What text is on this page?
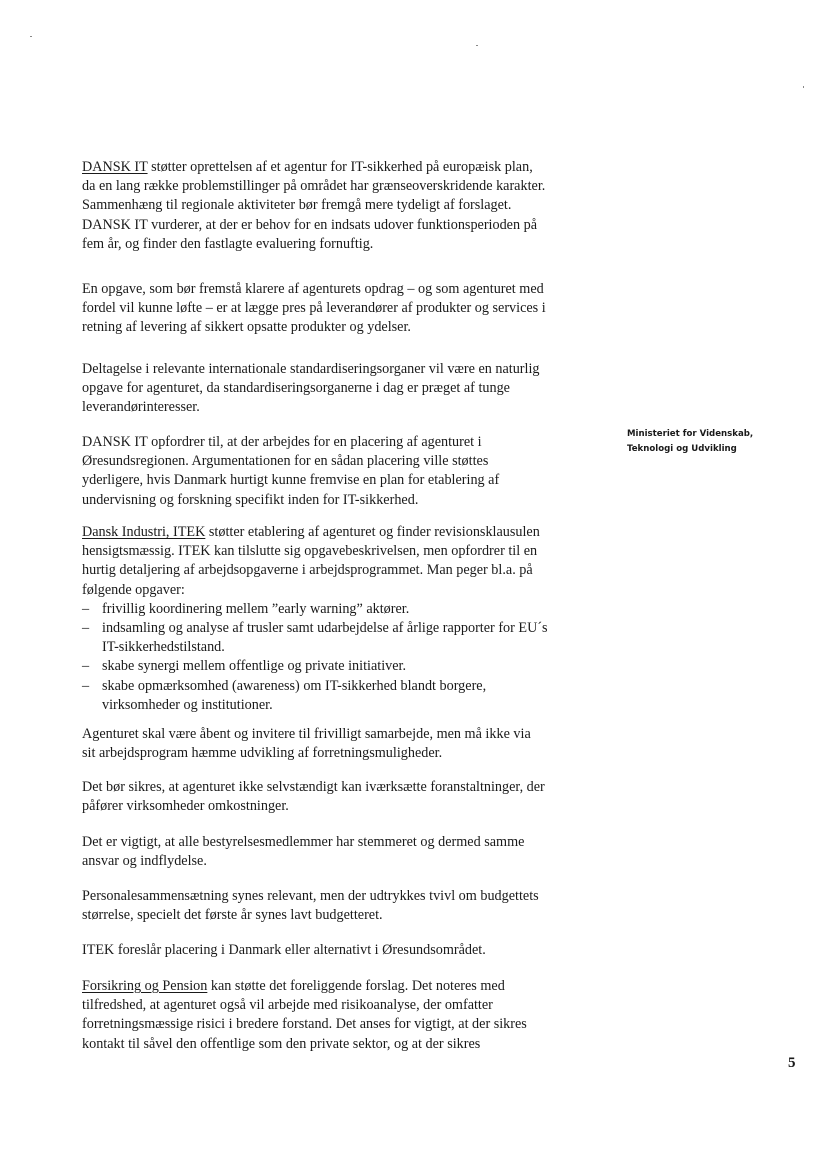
DANSK IT støtter oprettelsen af et agentur for IT-sikkerhed på europæisk plan,
da en lang række problemstillinger på området har grænseoverskridende karakter.
Sammenhæng til regionale aktiviteter bør fremgå mere tydeligt af forslaget.
DANSK IT vurderer, at der er behov for en indsats udover funktionsperioden på
fem år, og finder den fastlagte evaluering fornuftig.
En opgave, som bør fremstå klarere af agenturets opdrag – og som agenturet med
fordel vil kunne løfte – er at lægge pres på leverandører af produkter og services i
retning af levering af sikkert opsatte produkter og ydelser.
Deltagelse i relevante internationale standardiseringsorganer vil være en naturlig
opgave for agenturet, da standardiseringsorganerne i dag er præget af tunge
leverandørinteresser.
DANSK IT opfordrer til, at der arbejdes for en placering af agenturet i
Øresundsregionen. Argumentationen for en sådan placering ville støttes
yderligere, hvis Danmark hurtigt kunne fremvise en plan for etablering af
undervisning og forskning specifikt inden for IT-sikkerhed.
Dansk Industri, ITEK støtter etablering af agenturet og finder revisionsklausulen
hensigtsmæssig. ITEK kan tilslutte sig opgavebeskrivelsen, men opfordrer til en
hurtig detaljering af arbejdsopgaverne i arbejdsprogrammet. Man peger bl.a. på
følgende opgaver:
– frivillig koordinering mellem ”early warning” aktører.
– indsamling og analyse af trusler samt udarbejdelse af årlige rapporter for EU´s
IT-sikkerhedstilstand.
– skabe synergi mellem offentlige og private initiativer.
– skabe opmærksomhed (awareness) om IT-sikkerhed blandt borgere,
virksomheder og institutioner.
Agenturet skal være åbent og invitere til frivilligt samarbejde, men må ikke via
sit arbejdsprogram hæmme udvikling af forretningsmuligheder.
Det bør sikres, at agenturet ikke selvstændigt kan iværksætte foranstaltninger, der
påfører virksomheder omkostninger.
Det er vigtigt, at alle bestyrelsesmedlemmer har stemmeret og dermed samme
ansvar og indflydelse.
Personalesammensætning synes relevant, men der udtrykkes tvivl om budgettets
størrelse, specielt det første år synes lavt budgetteret.
ITEK foreslår placering i Danmark eller alternativt i Øresundsområdet.
Forsikring og Pension kan støtte det foreliggende forslag. Det noteres med
tilfredshed, at agenturet også vil arbejde med risikoanalyse, der omfatter
forretningsmæssige risici i bredere forstand. Det anses for vigtigt, at der sikres
kontakt til såvel den offentlige som den private sektor, og at der sikres
Ministeriet for Videnskab,
Teknologi og Udvikling
5
